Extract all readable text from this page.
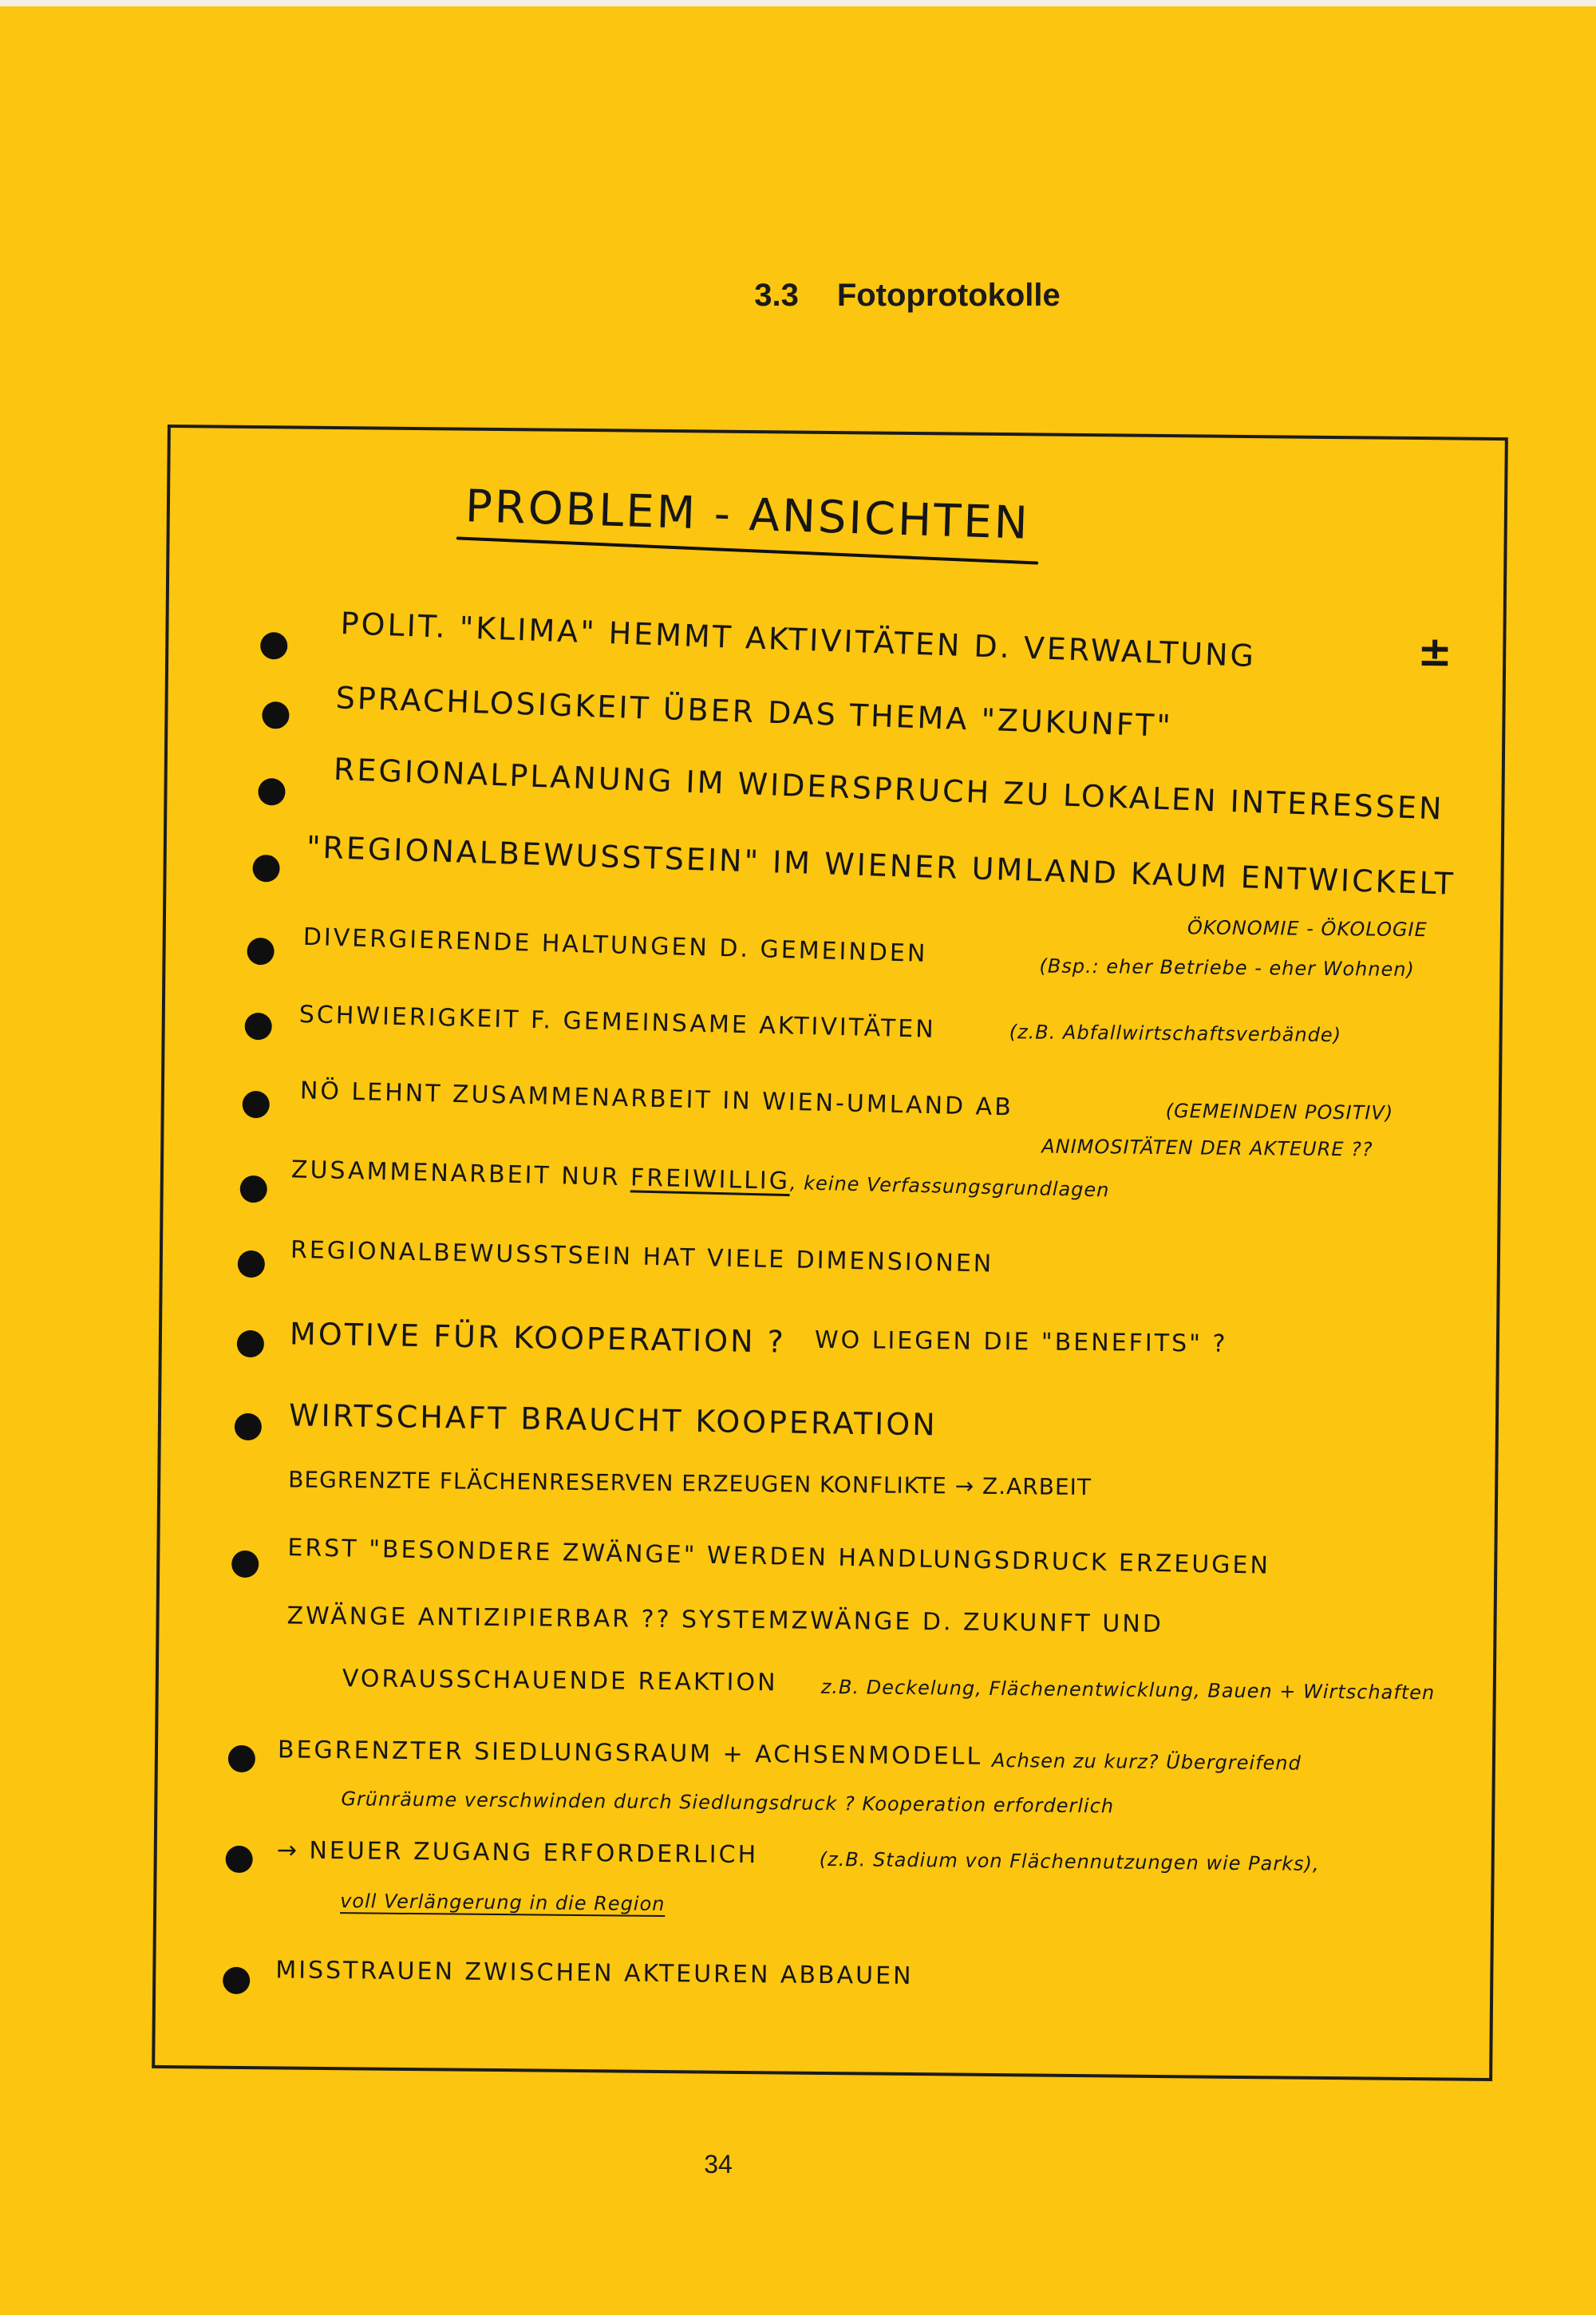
3.3 Fotoprotokolle
PROBLEM - ANSICHTEN
POLIT. "KLIMA" HEMMT AKTIVITÄTEN D. VERWALTUNG	±
SPRACHLOSIGKEIT ÜBER DAS THEMA "ZUKUNFT"
REGIONALPLANUNG IM WIDERSPRUCH ZU LOKALEN INTERESSEN
"REGIONALBEWUSSTSEIN" IM WIENER UMLAND KAUM ENTWICKELT
ÖKONOMIE - ÖKOLOGIE
DIVERGIERENDE HALTUNGEN D. GEMEINDEN	(Bsp.: eher Betriebe - eher Wohnen)
SCHWIERIGKEIT F. GEMEINSAME AKTIVITÄTEN	(z.B. Abfallwirtschaftsverbände)
NÖ LEHNT ZUSAMMENARBEIT IN WIEN-UMLAND AB	(GEMEINDEN POSITIV)
ANIMOSITÄTEN DER AKTEURE ??
ZUSAMMENARBEIT NUR FREIWILLIG, keine Verfassungsgrundlagen
REGIONALBEWUSSTSEIN HAT VIELE DIMENSIONEN
MOTIVE FÜR KOOPERATION ? WO LIEGEN DIE "BENEFITS" ?
WIRTSCHAFT BRAUCHT KOOPERATION
BEGRENZTE FLÄCHENRESERVEN ERZEUGEN KONFLIKTE → Z.ARBEIT
ERST "BESONDERE ZWÄNGE" WERDEN HANDLUNGSDRUCK ERZEUGEN
ZWÄNGE ANTIZIPIERBAR ?? SYSTEMZWÄNGE D. ZUKUNFT UND
VORAUSSCHAUENDE REAKTION z.B. Deckelung, Flächenentwicklung, Bauen + Wirtschaften
BEGRENZTER SIEDLUNGSRAUM + ACHSENMODELL Achsen zu kurz? Übergreifend
Grünräume verschwinden durch Siedlungsdruck ? Kooperation erforderlich
→ NEUER ZUGANG ERFORDERLICH	(z.B. Stadium von Flächennutzungen wie Parks),
voll Verlängerung in die Region
MISSTRAUEN ZWISCHEN AKTEUREN ABBAUEN
34
